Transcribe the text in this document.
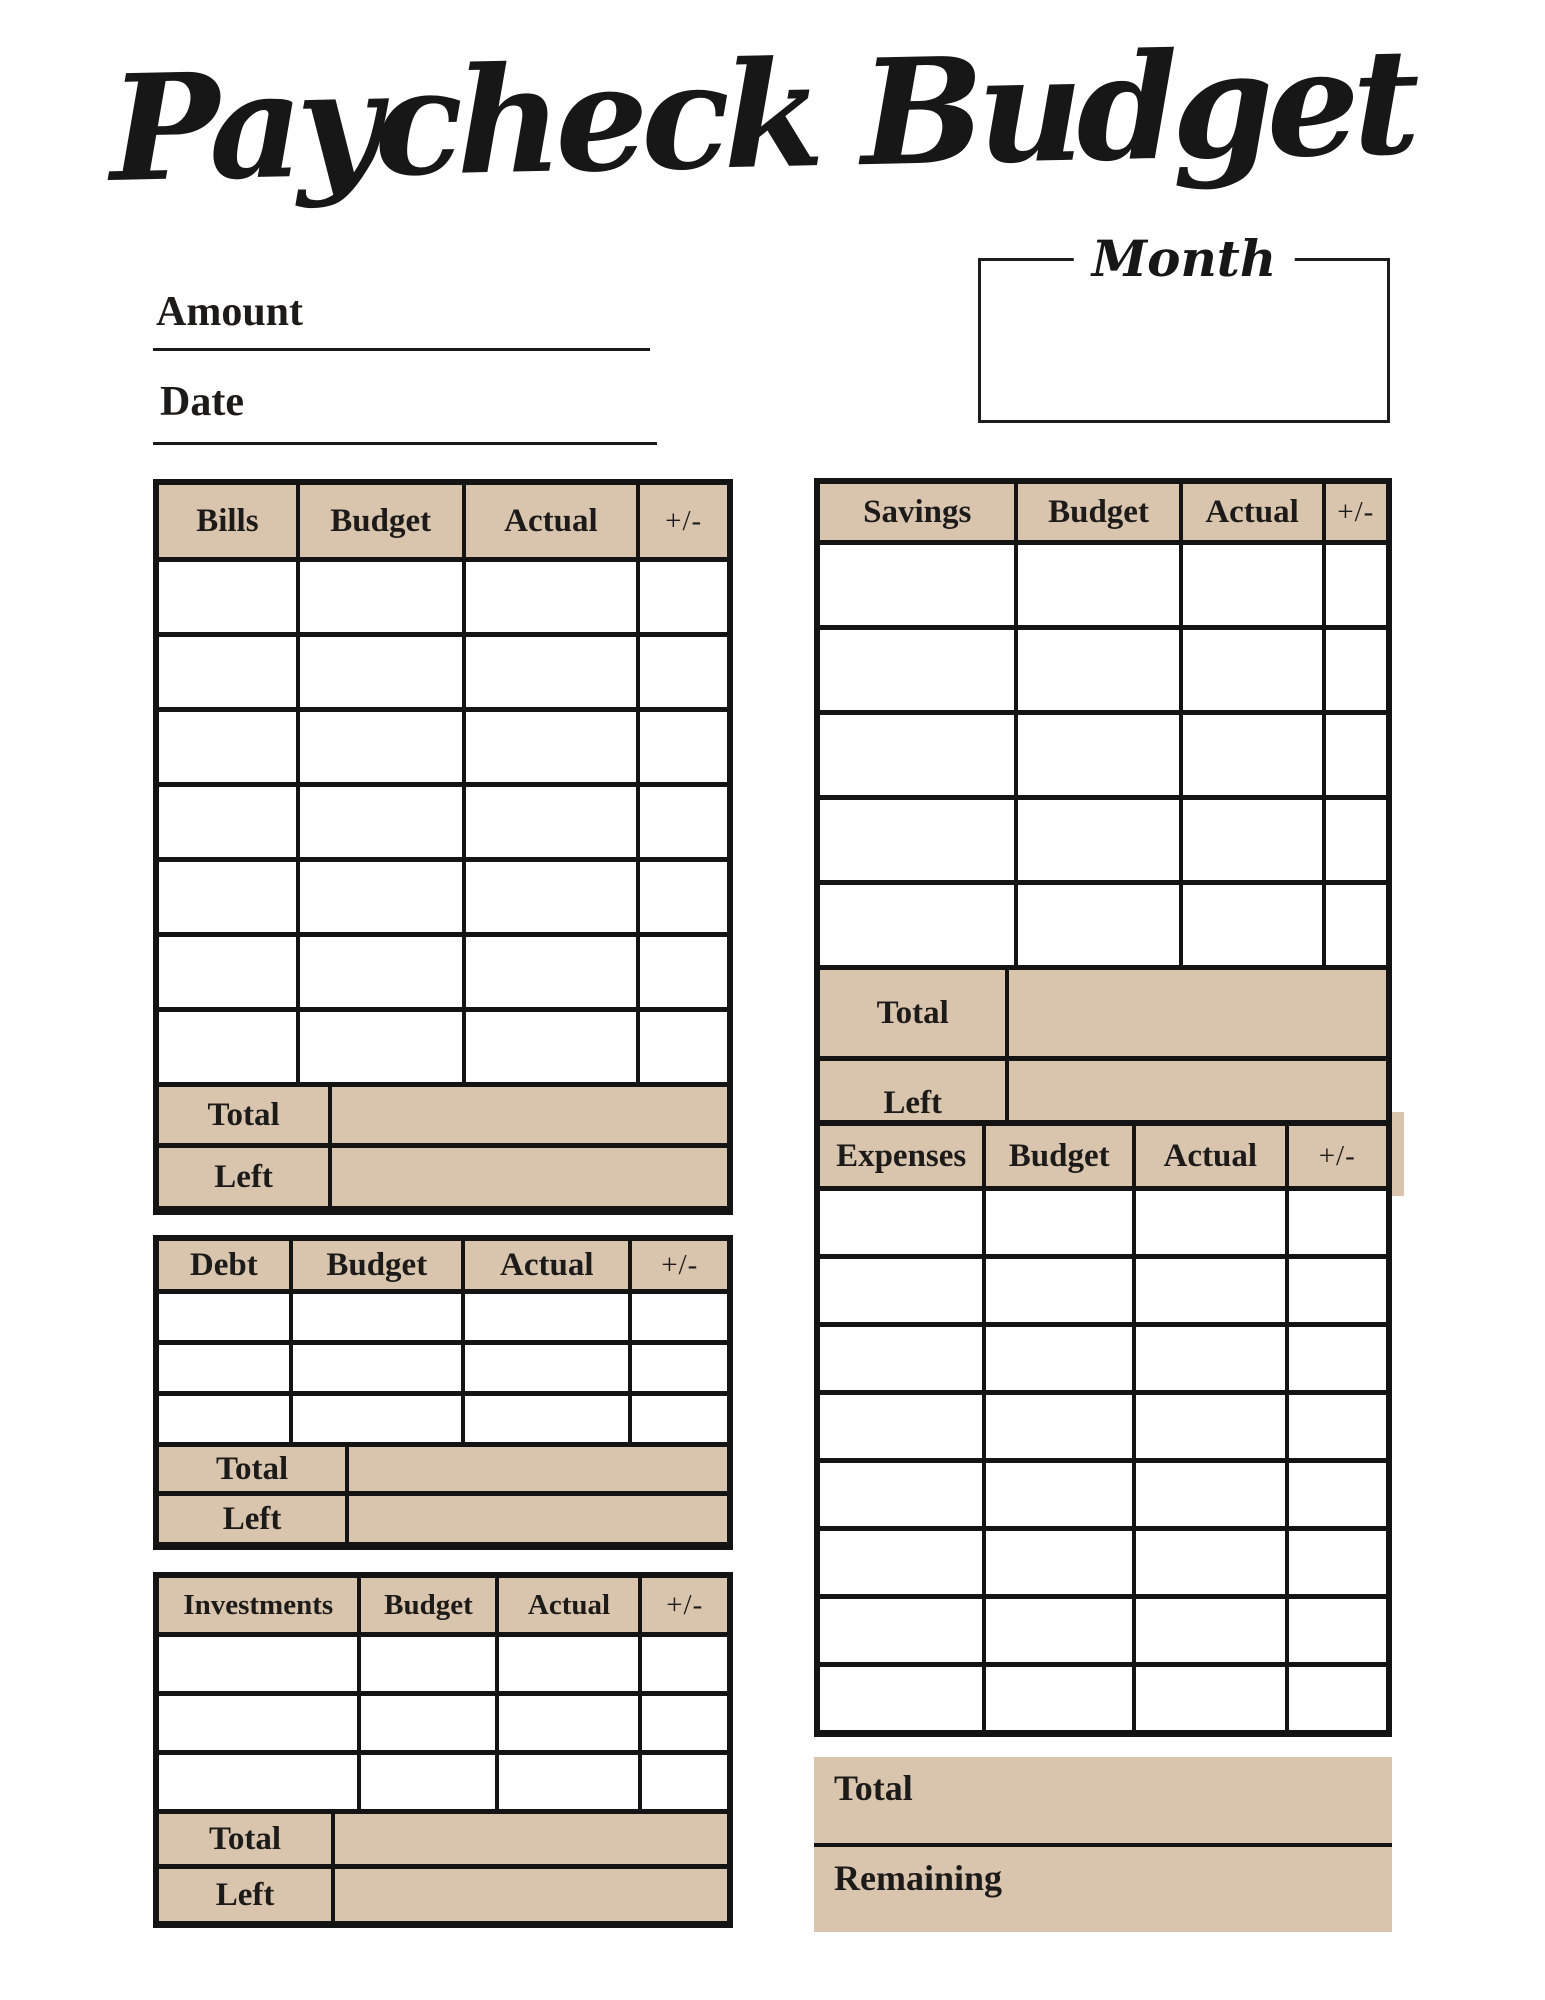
Paycheck Budget
Amount
Date
Month
Bills	Budget	Actual	+/-
Total
Left
Savings	Budget	Actual	+/-
Total
Left
Debt	Budget	Actual	+/-
Total
Left
Investments	Budget	Actual	+/-
Total
Left
Expenses	Budget	Actual	+/-
Total
Remaining
